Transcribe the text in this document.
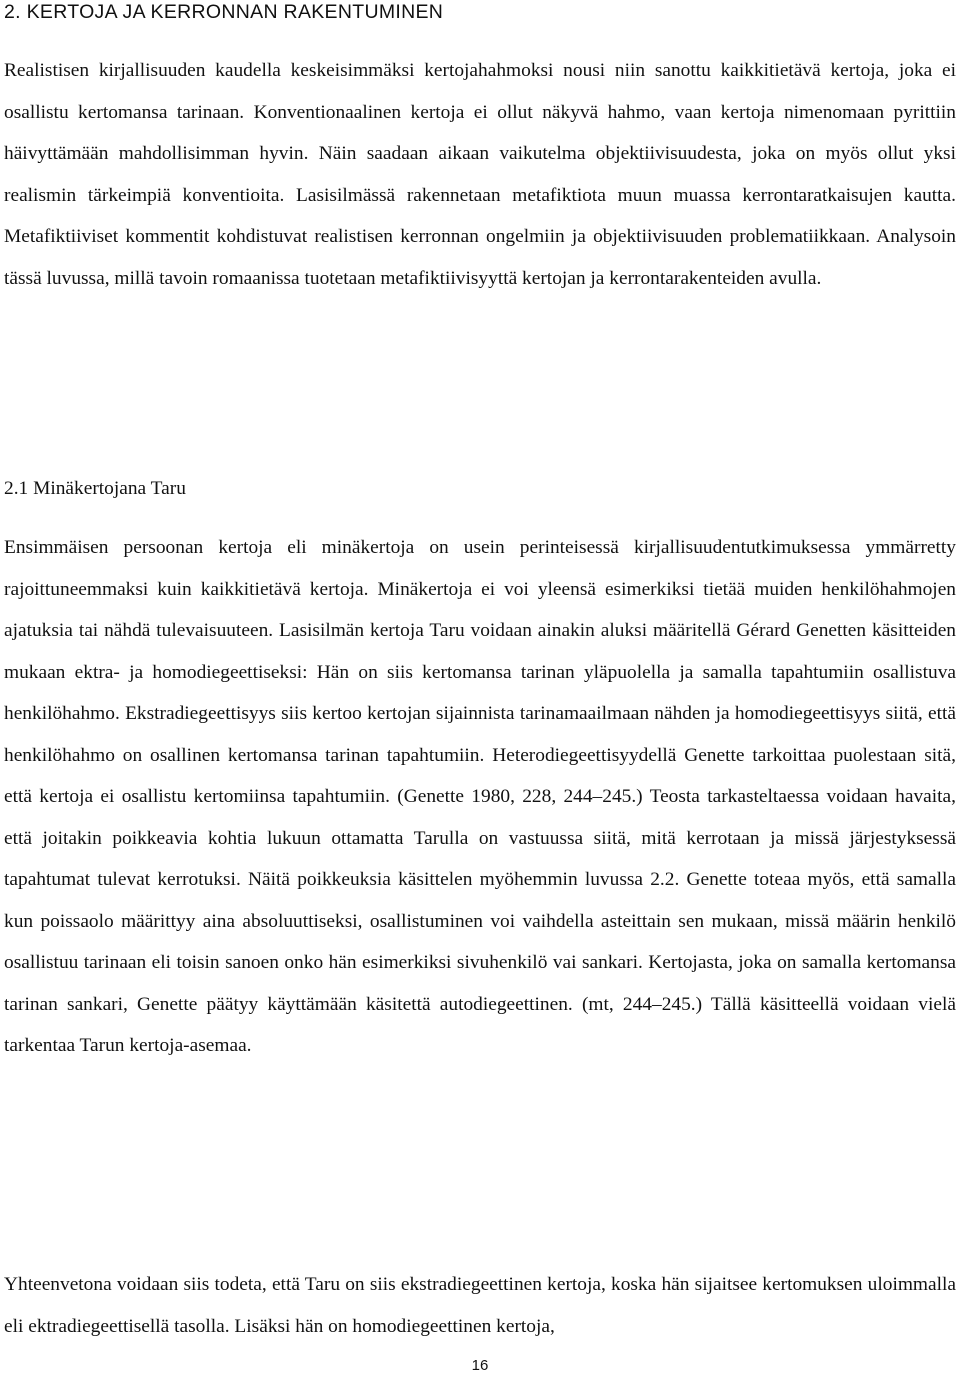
2. KERTOJA JA KERRONNAN RAKENTUMINEN

Realistisen kirjallisuuden kaudella keskeisimmäksi kertojahahmoksi nousi niin sanottu kaikkitietävä kertoja, joka ei osallistu kertomansa tarinaan. Konventionaalinen kertoja ei ollut näkyvä hahmo, vaan kertoja nimenomaan pyrittiin häivyttämään mahdollisimman hyvin. Näin saadaan aikaan vaikutelma objektiivisuudesta, joka on myös ollut yksi realismin tärkeimpiä konventioita. Lasisilmässä rakennetaan metafiktiota muun muassa kerrontaratkaisujen kautta. Metafiktiiviset kommentit kohdistuvat realistisen kerronnan ongelmiin ja objektiivisuuden problematiikkaan. Analysoin tässä luvussa, millä tavoin romaanissa tuotetaan metafiktiivisyyttä kertojan ja kerrontarakenteiden avulla.

2.1 Minäkertojana Taru

Ensimmäisen persoonan kertoja eli minäkertoja on usein perinteisessä kirjallisuudentutkimuksessa ymmärretty rajoittuneemmaksi kuin kaikkitietävä kertoja. Minäkertoja ei voi yleensä esimerkiksi tietää muiden henkilöhahmojen ajatuksia tai nähdä tulevaisuuteen. Lasisilmän kertoja Taru voidaan ainakin aluksi määritellä Gérard Genetten käsitteiden mukaan ektra- ja homodiegeettiseksi: Hän on siis kertomansa tarinan yläpuolella ja samalla tapahtumiin osallistuva henkilöhahmo. Ekstradiegeettisyys siis kertoo kertojan sijainnista tarinamaailmaan nähden ja homodiegeettisyys siitä, että henkilöhahmo on osallinen kertomansa tarinan tapahtumiin. Heterodiegeettisyydellä Genette tarkoittaa puolestaan sitä, että kertoja ei osallistu kertomiinsa tapahtumiin. (Genette 1980, 228, 244–245.) Teosta tarkasteltaessa voidaan havaita, että joitakin poikkeavia kohtia lukuun ottamatta Tarulla on vastuussa siitä, mitä kerrotaan ja missä järjestyksessä tapahtumat tulevat kerrotuksi. Näitä poikkeuksia käsittelen myöhemmin luvussa 2.2. Genette toteaa myös, että samalla kun poissaolo määrittyy aina absoluuttiseksi, osallistuminen voi vaihdella asteittain sen mukaan, missä määrin henkilö osallistuu tarinaan eli toisin sanoen onko hän esimerkiksi sivuhenkilö vai sankari. Kertojasta, joka on samalla kertomansa tarinan sankari, Genette päätyy käyttämään käsitettä autodiegeettinen. (mt, 244–245.) Tällä käsitteellä voidaan vielä tarkentaa Tarun kertoja-asemaa.

Yhteenvetona voidaan siis todeta, että Taru on siis ekstradiegeettinen kertoja, koska hän sijaitsee kertomuksen uloimmalla eli ektradiegeettisellä tasolla. Lisäksi hän on homodiegeettinen kertoja,

16
